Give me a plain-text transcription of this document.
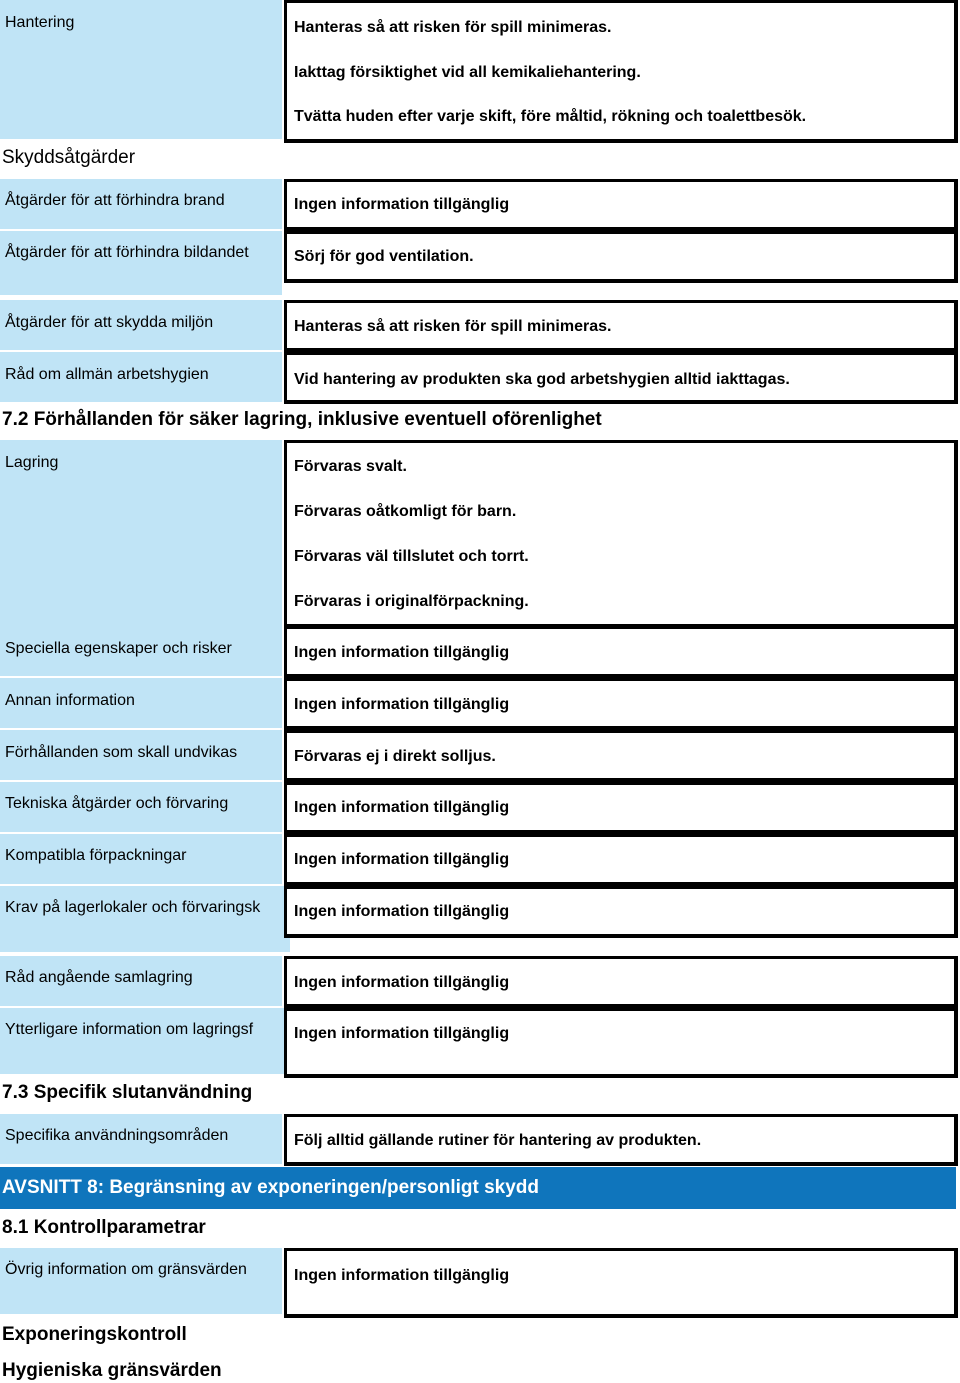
Hantering	Hanteras så att risken för spill minimeras.
Iakttag försiktighet vid all kemikaliehantering.
Tvätta huden efter varje skift, före måltid, rökning och toalettbesök.
Skyddsåtgärder
Åtgärder för att förhindra brand	Ingen information tillgänglig
Åtgärder för att förhindra bildandet	Sörj för god ventilation.
Åtgärder för att skydda miljön	Hanteras så att risken för spill minimeras.
Råd om allmän arbetshygien	Vid hantering av produkten ska god arbetshygien alltid iakttagas.
7.2 Förhållanden för säker lagring, inklusive eventuell oförenlighet
Lagring	Förvaras svalt.
Förvaras oåtkomligt för barn.
Förvaras väl tillslutet och torrt.
Förvaras i originalförpackning.
Speciella egenskaper och risker	Ingen information tillgänglig
Annan information	Ingen information tillgänglig
Förhållanden som skall undvikas	Förvaras ej i direkt solljus.
Tekniska åtgärder och förvaring	Ingen information tillgänglig
Kompatibla förpackningar	Ingen information tillgänglig
Krav på lagerlokaler och förvaringsk	Ingen information tillgänglig
Råd angående samlagring	Ingen information tillgänglig
Ytterligare information om lagringsf	Ingen information tillgänglig
7.3 Specifik slutanvändning
Specifika användningsområden	Följ alltid gällande rutiner för hantering av produkten.
AVSNITT 8: Begränsning av exponeringen/personligt skydd
8.1 Kontrollparametrar
Övrig information om gränsvärden	Ingen information tillgänglig
Exponeringskontroll
Hygieniska gränsvärden
